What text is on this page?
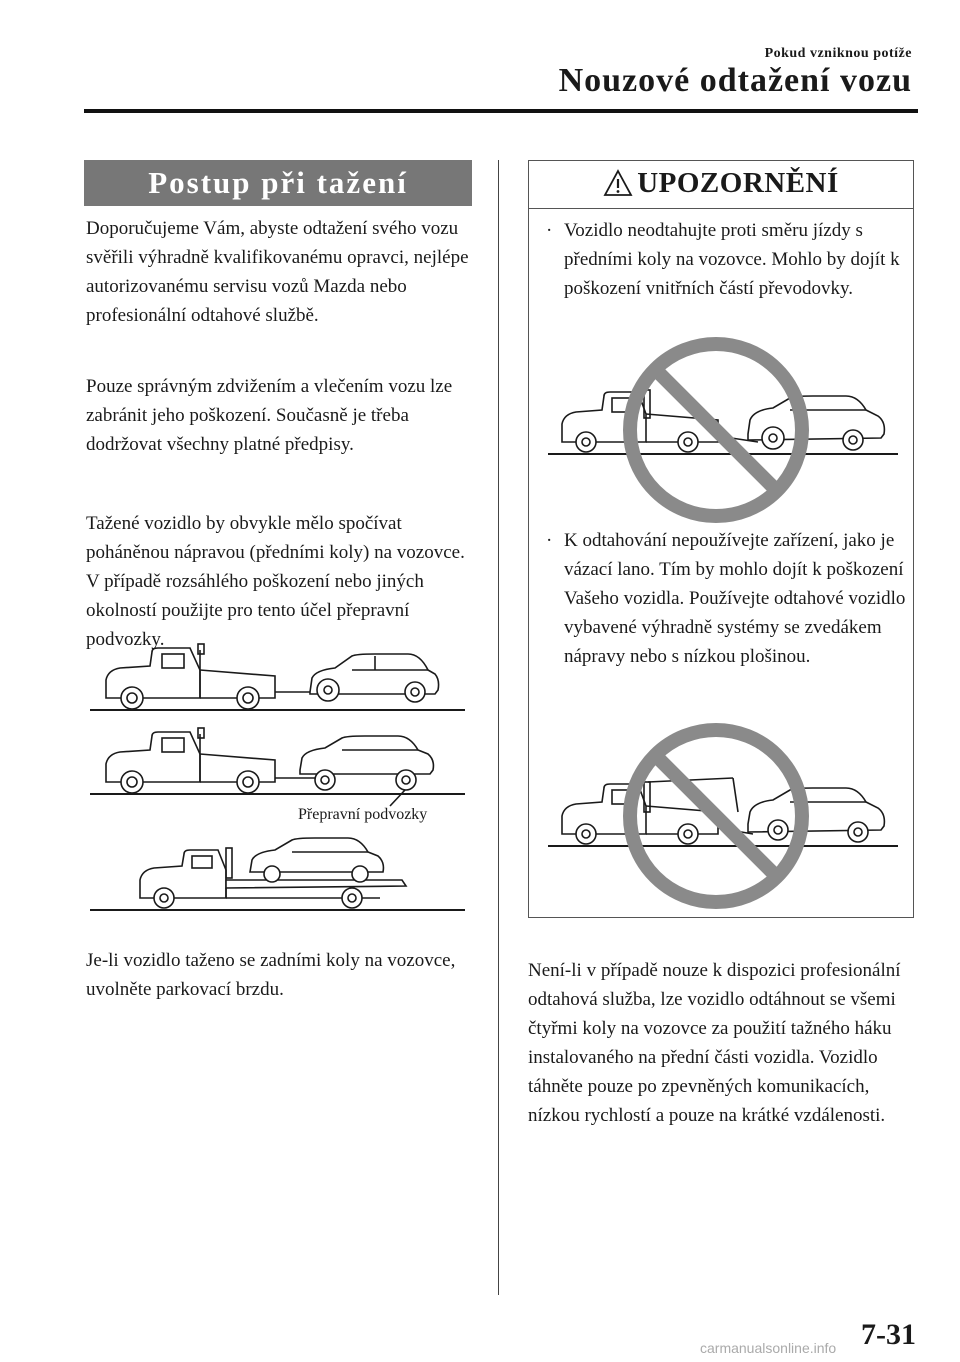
Pokud vzniknou potíže
Nouzové odtažení vozu
Postup při tažení
Doporučujeme Vám, abyste odtažení svého vozu svěřili výhradně kvalifikovanému opravci, nejlépe autorizovanému servisu vozů Mazda nebo profesionální odtahové službě.
Pouze správným zdvižením a vlečením vozu lze zabránit jeho poškození. Současně je třeba dodržovat všechny platné předpisy.
Tažené vozidlo by obvykle mělo spočívat poháněnou nápravou (předními koly) na vozovce. V případě rozsáhlého poškození nebo jiných okolností použijte pro tento účel přepravní podvozky.
Přepravní podvozky
Je-li vozidlo taženo se zadními koly na vozovce, uvolněte parkovací brzdu.
UPOZORNĚNÍ
· Vozidlo neodtahujte proti směru jízdy s předními koly na vozovce. Mohlo by dojít k poškození vnitřních částí převodovky.
· K odtahování nepoužívejte zařízení, jako je vázací lano. Tím by mohlo dojít k poškození Vašeho vozidla. Používejte odtahové vozidlo vybavené výhradně systémy se zvedákem nápravy nebo s nízkou plošinou.
Není-li v případě nouze k dispozici profesionální odtahová služba, lze vozidlo odtáhnout se všemi čtyřmi koly na vozovce za použití tažného háku instalovaného na přední části vozidla. Vozidlo táhněte pouze po zpevněných komunikacích, nízkou rychlostí a pouze na krátké vzdálenosti.
7-31
carmanualsonline.info
